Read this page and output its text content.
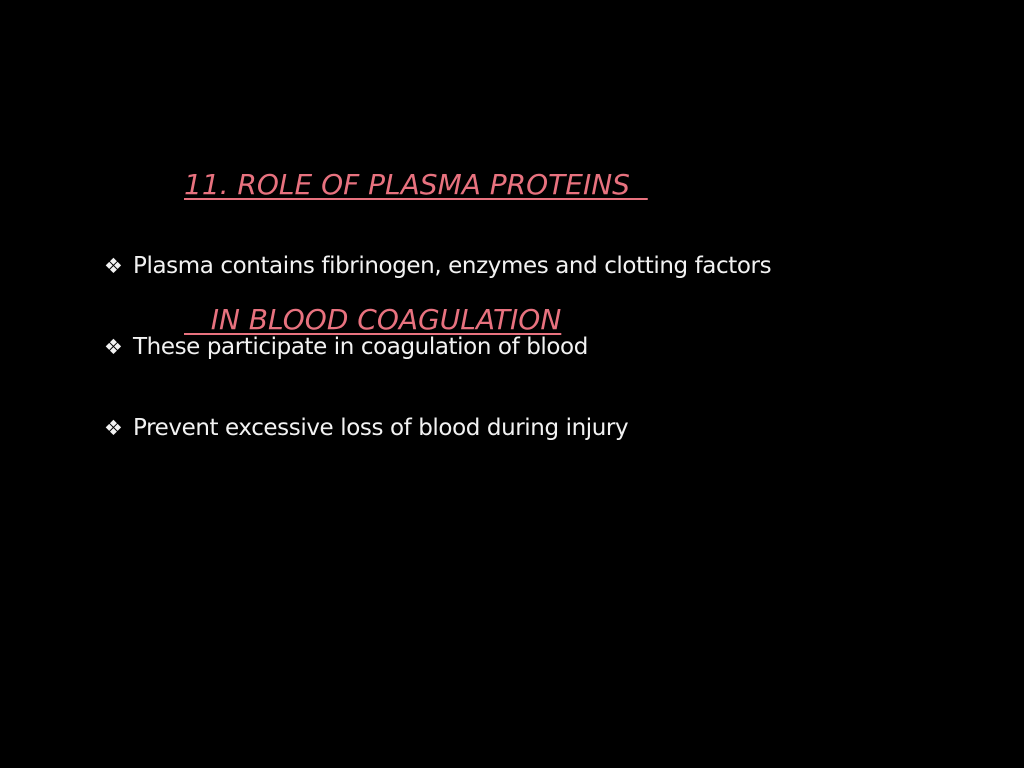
11. ROLE OF PLASMA PROTEINS

IN BLOOD COAGULATION

❖ Plasma contains fibrinogen, enzymes and clotting factors
❖ These participate in coagulation of blood
❖ Prevent excessive loss of blood during injury
